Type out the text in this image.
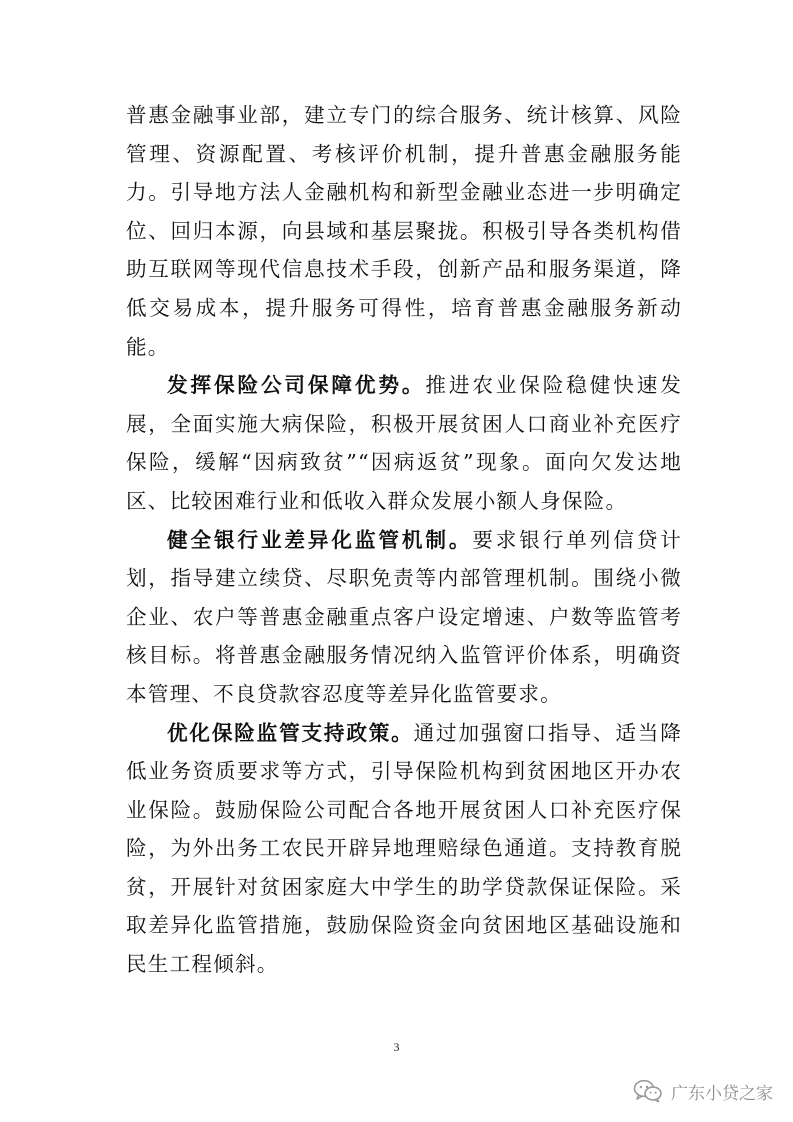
普惠金融事业部，建立专门的综合服务、统计核算、风险管理、资源配置、考核评价机制，提升普惠金融服务能力。引导地方法人金融机构和新型金融业态进一步明确定位、回归本源，向县域和基层聚拢。积极引导各类机构借助互联网等现代信息技术手段，创新产品和服务渠道，降低交易成本，提升服务可得性，培育普惠金融服务新动能。

发挥保险公司保障优势。推进农业保险稳健快速发展，全面实施大病保险，积极开展贫困人口商业补充医疗保险，缓解“因病致贫”“因病返贫”现象。面向欠发达地区、比较困难行业和低收入群众发展小额人身保险。

健全银行业差异化监管机制。要求银行单列信贷计划，指导建立续贷、尽职免责等内部管理机制。围绕小微企业、农户等普惠金融重点客户设定增速、户数等监管考核目标。将普惠金融服务情况纳入监管评价体系，明确资本管理、不良贷款容忍度等差异化监管要求。

优化保险监管支持政策。通过加强窗口指导、适当降低业务资质要求等方式，引导保险机构到贫困地区开办农业保险。鼓励保险公司配合各地开展贫困人口补充医疗保险，为外出务工农民开辟异地理赔绿色通道。支持教育脱贫，开展针对贫困家庭大中学生的助学贷款保证保险。采取差异化监管措施，鼓励保险资金向贫困地区基础设施和民生工程倾斜。

3
广东小贷之家
